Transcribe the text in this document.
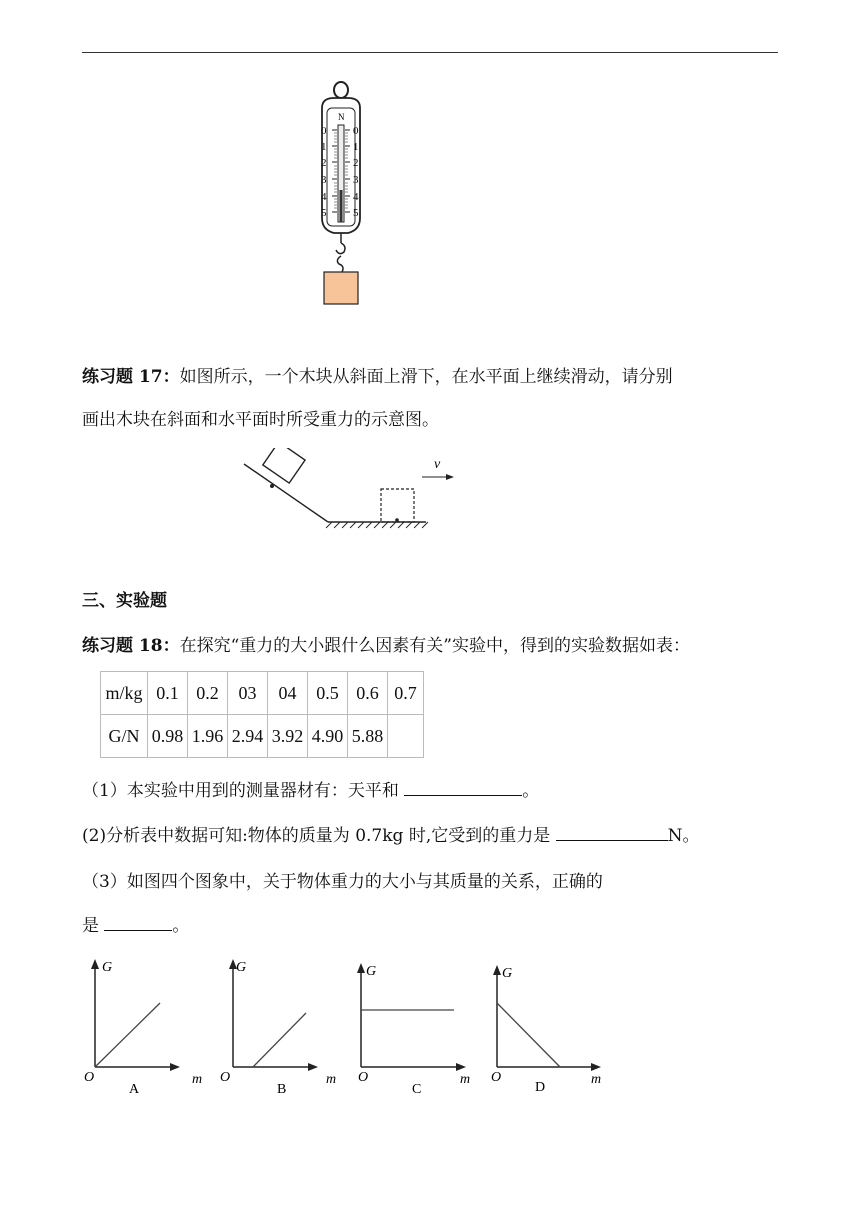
N
0
1
2
3
4
5
0
1
2
3
4
5
练习题 17：如图所示，一个木块从斜面上滑下，在水平面上继续滑动，请分别
画出木块在斜面和水平面时所受重力的示意图。
v
三、实验题
练习题 18：在探究“重力的大小跟什么因素有关”实验中，得到的实验数据如表：
m/kg	0.1	0.2	03	04	0.5	0.6	0.7
G/N	0.98	1.96	2.94	3.92	4.90	5.88	
（1）本实验中用到的测量器材有：天平和	。
(2)分析表中数据可知:物体的质量为 0.7kg 时,它受到的重力是	N。
（3）如图四个图象中，关于物体重力的大小与其质量的关系，正确的
是	。
G
O	m
A
G
O	m
B
G
O	m
C
G
O	m
D
